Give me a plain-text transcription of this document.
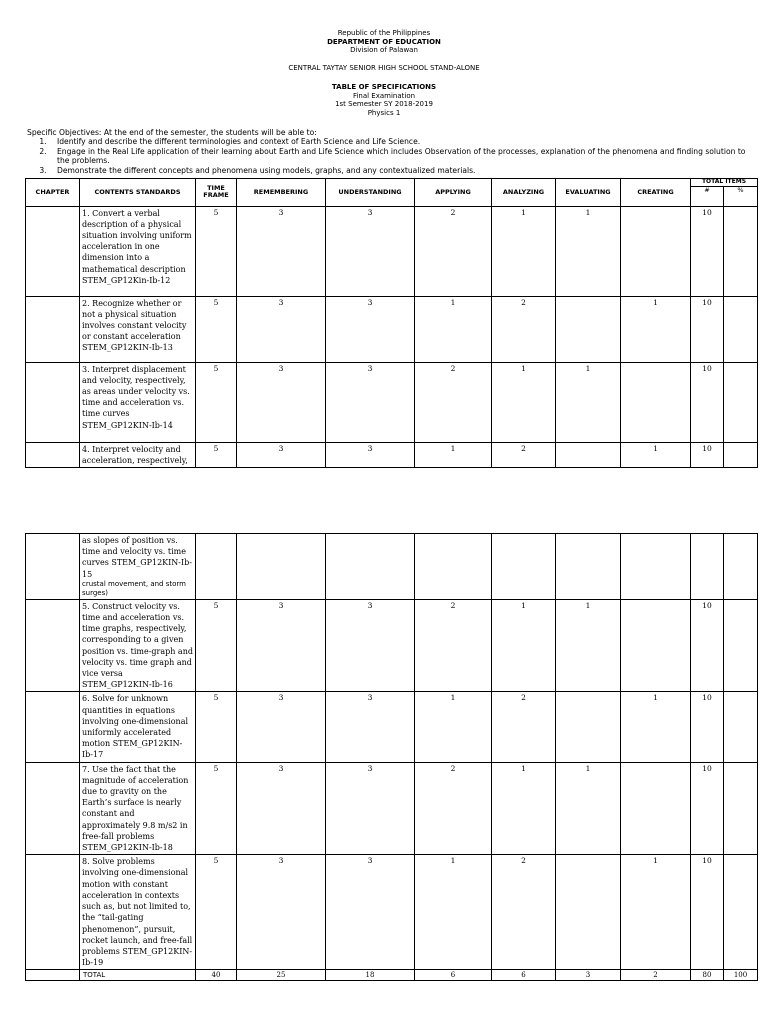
Republic of the Philippines
DEPARTMENT OF EDUCATION
Division of Palawan
CENTRAL TAYTAY SENIOR HIGH SCHOOL STAND-ALONE
TABLE OF SPECIFICATIONS
Final Examination
1st Semester SY 2018-2019
Physics 1
Specific Objectives: At the end of the semester, the students will be able to:
1. Identify and describe the different terminologies and context of Earth Science and Life Science.
2. Engage in the Real Life application of their learning about Earth and Life Science which includes Observation of the processes, explanation of the phenomena and finding solution to the problems.
3. Demonstrate the different concepts and phenomena using models, graphs, and any contextualized materials.
CHAPTER	CONTENTS STANDARDS	TIME FRAME	REMEMBERING	UNDERSTANDING	APPLYING	ANALYZING	EVALUATING	CREATING	TOTAL ITEMS	
									#	%
	1. Convert a verbal description of a physical situation involving uniform acceleration in one dimension into a mathematical description STEM_GP12Kin-Ib-12	5	3	3	2	1	1		10	
	2. Recognize whether or not a physical situation involves constant velocity or constant acceleration STEM_GP12KIN-Ib-13	5	3	3	1	2		1	10	
	3. Interpret displacement and velocity, respectively, as areas under velocity vs. time and acceleration vs. time curves STEM_GP12KIN-Ib-14	5	3	3	2	1	1		10	
	4. Interpret velocity and acceleration, respectively,	5	3	3	1	2		1	10	

	as slopes of position vs. time and velocity vs. time curves STEM_GP12KIN-Ib-15
crustal movement, and storm surges)									

	5. Construct velocity vs. time and acceleration vs. time graphs, respectively, corresponding to a given position vs. time-graph and velocity vs. time graph and vice versa STEM_GP12KIN-Ib-16	5	3	3	2	1	1		10	
	6. Solve for unknown quantities in equations involving one-dimensional uniformly accelerated motion STEM_GP12KIN-Ib-17	5	3	3	1	2		1	10	
	7. Use the fact that the magnitude of acceleration due to gravity on the Earth’s surface is nearly constant and approximately 9.8 m/s2 in free-fall problems STEM_GP12KIN-Ib-18	5	3	3	2	1	1		10	
	8. Solve problems involving one-dimensional motion with constant acceleration in contexts such as, but not limited to, the “tail-gating phenomenon”, pursuit, rocket launch, and free-fall problems STEM_GP12KIN-Ib-19	5	3	3	1	2		1	10	
	TOTAL	40	25	18	6	6	3	2	80	100
